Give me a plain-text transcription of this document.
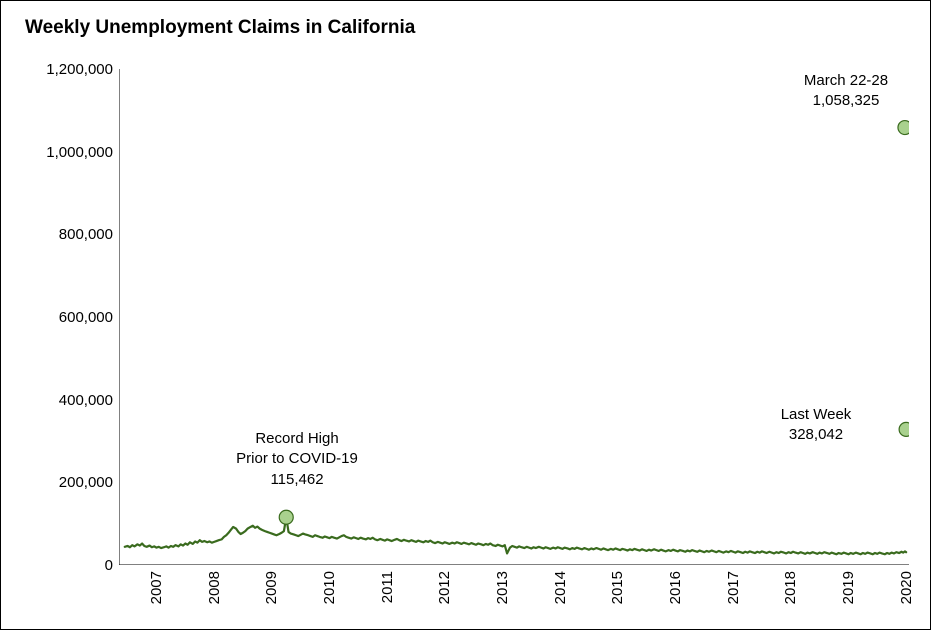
Weekly Unemployment Claims in California
1,200,000
1,000,000
800,000
600,000
400,000
200,000
0
2007	2008	2009	2010	2011	2012	2013	2014	2015	2016	2017	2018	2019	2020
Record High
Prior to COVID-19
115,462
March 22-28
1,058,325
Last Week
328,042
